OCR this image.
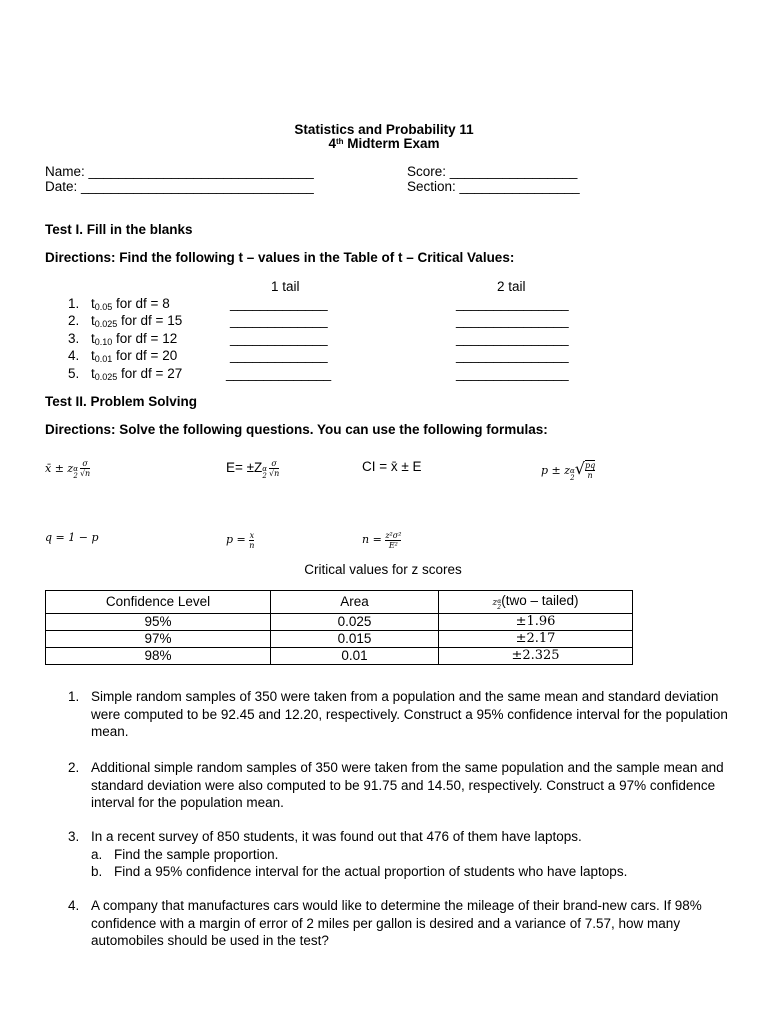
Statistics and Probability 11
4th Midterm Exam
Name: ______________________________
Date: _______________________________
Score: _________________
Section: ________________
Test I. Fill in the blanks
Directions: Find the following t – values in the Table of t – Critical Values:
1 tail	2 tail
1. $t_{0.05}$ for df = 8	_____________	_______________
2. $t_{0.025}$ for df = 15	_____________	_______________
3. $t_{0.10}$ for df = 12	_____________	_______________
4. $t_{0.01}$ for df = 20	_____________	_______________
5. $t_{0.025}$ for df = 27	______________	_______________
Test II. Problem Solving
Directions: Solve the following questions. You can use the following formulas:
x̄ ± zα
$2 \frac{\sigma}{√n}$	E= ±Zα
$2 \frac{\sigma}{√n}$	CI = x̄ ± E	p ± zα
$2√ \frac{pq}{n}$
q = 1 − p	$p = \frac{x}{n}$	$n = \frac{\text{z²σ²}}{\text{E²}}$
Critical values for z scores
Confidence Level	Area	zα
2(two – tailed)
95%	0.025	±1.96
97%	0.015	±2.17
98%	0.01	±2.325
1. Simple random samples of 350 were taken from a population and the same mean and standard deviation were computed to be 92.45 and 12.20, respectively. Construct a 95% confidence interval for the population mean.
2. Additional simple random samples of 350 were taken from the same population and the sample mean and standard deviation were also computed to be 91.75 and 14.50, respectively. Construct a 97% confidence interval for the population mean.
3. In a recent survey of 850 students, it was found out that 476 of them have laptops.
a. Find the sample proportion.
b. Find a 95% confidence interval for the actual proportion of students who have laptops.
4. A company that manufactures cars would like to determine the mileage of their brand-new cars. If 98% confidence with a margin of error of 2 miles per gallon is desired and a variance of 7.57, how many automobiles should be used in the test?
